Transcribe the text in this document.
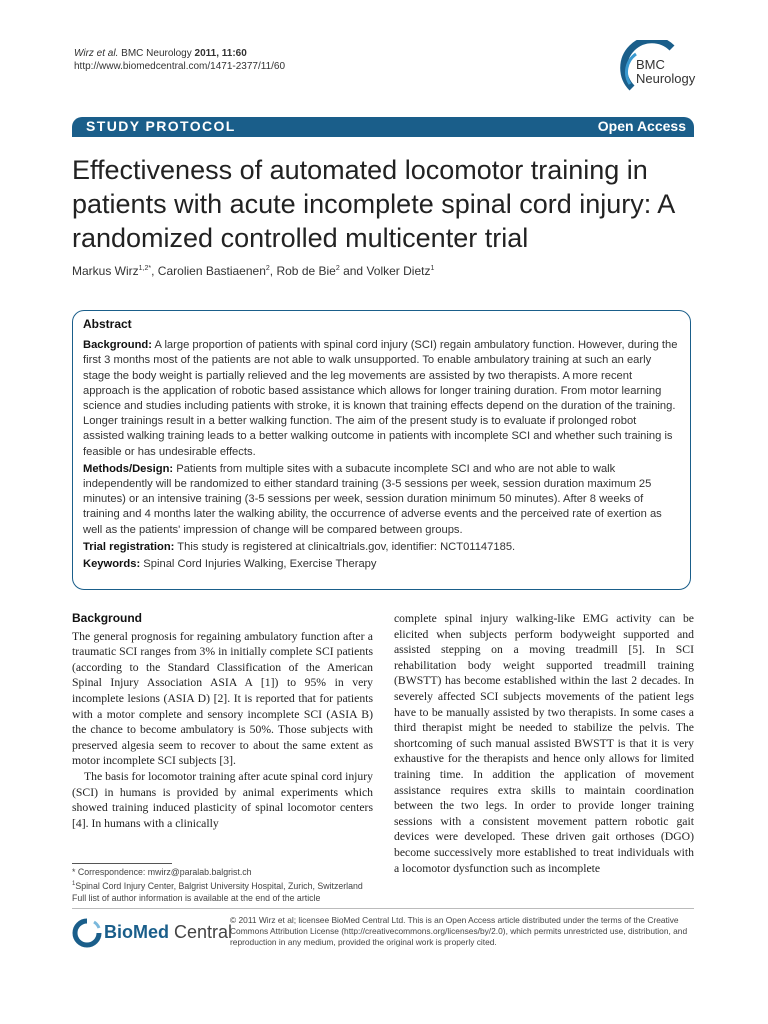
Wirz et al. BMC Neurology 2011, 11:60
http://www.biomedcentral.com/1471-2377/11/60	BMC
Neurology
STUDY PROTOCOL	Open Access
Effectiveness of automated locomotor training in patients with acute incomplete spinal cord injury: A randomized controlled multicenter trial
Markus Wirz$^{1,2*}$, Carolien Bastiaenen$^2$, Rob de Bie$^2$ and Volker Dietz$^1$
Abstract

Background: A large proportion of patients with spinal cord injury (SCI) regain ambulatory function. However, during the first 3 months most of the patients are not able to walk unsupported. To enable ambulatory training at such an early stage the body weight is partially relieved and the leg movements are assisted by two therapists. A more recent approach is the application of robotic based assistance which allows for longer training duration. From motor learning science and studies including patients with stroke, it is known that training effects depend on the duration of the training. Longer trainings result in a better walking function. The aim of the present study is to evaluate if prolonged robot assisted walking training leads to a better walking outcome in patients with incomplete SCI and whether such training is feasible or has undesirable effects.

Methods/Design: Patients from multiple sites with a subacute incomplete SCI and who are not able to walk independently will be randomized to either standard training (3-5 sessions per week, session duration maximum 25 minutes) or an intensive training (3-5 sessions per week, session duration minimum 50 minutes). After 8 weeks of training and 4 months later the walking ability, the occurrence of adverse events and the perceived rate of exertion as well as the patients' impression of change will be compared between groups.

Trial registration: This study is registered at clinicaltrials.gov, identifier: NCT01147185.

Keywords: Spinal Cord Injuries Walking, Exercise Therapy

Background

The general prognosis for regaining ambulatory function after a traumatic SCI ranges from 3% in initially complete SCI patients (according to the Standard Classification of the American Spinal Injury Association ASIA A [1]) to 95% in very incomplete lesions (ASIA D) [2]. It is reported that for patients with a motor complete and sensory incomplete SCI (ASIA B) the chance to become ambulatory is 50%. Those subjects with preserved algesia seem to recover to about the same extent as motor incomplete SCI subjects [3].

The basis for locomotor training after acute spinal cord injury (SCI) in humans is provided by animal experiments which showed training induced plasticity of spinal locomotor centers [4]. In humans with a clinically

complete spinal injury walking-like EMG activity can be elicited when subjects perform bodyweight supported and assisted stepping on a moving treadmill [5]. In SCI rehabilitation body weight supported treadmill training (BWSTT) has become established within the last 2 decades. In severely affected SCI subjects movements of the patient legs have to be manually assisted by two therapists. In some cases a third therapist might be needed to stabilize the pelvis. The shortcoming of such manual assisted BWSTT is that it is very exhaustive for the therapists and hence only allows for limited training time. In addition the application of movement assistance requires extra skills to maintain coordination between the two legs. In order to provide longer training sessions with a consistent movement pattern robotic gait devices were developed. These driven gait orthoses (DGO) become successively more established to treat individuals with a locomotor dysfunction such as incomplete

* Correspondence: mwirz@paralab.balgrist.ch
$^1$Spinal Cord Injury Center, Balgrist University Hospital, Zurich, Switzerland
Full list of author information is available at the end of the article
BioMed Central
© 2011 Wirz et al; licensee BioMed Central Ltd. This is an Open Access article distributed under the terms of the Creative Commons Attribution License (http://creativecommons.org/licenses/by/2.0), which permits unrestricted use, distribution, and reproduction in any medium, provided the original work is properly cited.
